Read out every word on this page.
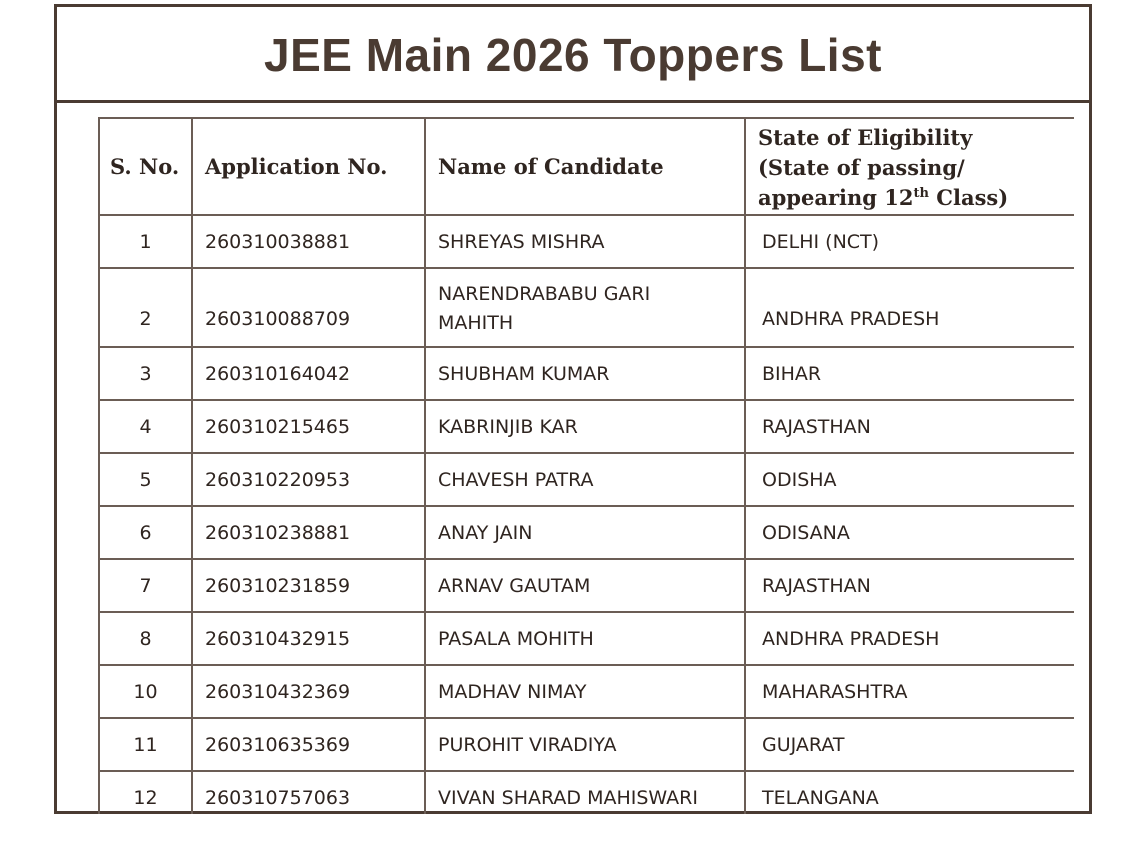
JEE Main 2026 Toppers List
S. No.	Application No.	Name of Candidate	State of Eligibility
(State of passing/
appearing 12th Class)

1	260310038881	SHREYAS MISHRA	DELHI (NCT)
2	260310088709	NARENDRABABU GARI
MAHITH	ANDHRA PRADESH
3	260310164042	SHUBHAM KUMAR	BIHAR
4	260310215465	KABRINJIB KAR	RAJASTHAN
5	260310220953	CHAVESH PATRA	ODISHA
6	260310238881	ANAY JAIN	ODISANA
7	260310231859	ARNAV GAUTAM	RAJASTHAN
8	260310432915	PASALA MOHITH	ANDHRA PRADESH
10	260310432369	MADHAV NIMAY	MAHARASHTRA
11	260310635369	PUROHIT VIRADIYA	GUJARAT
12	260310757063	VIVAN SHARAD MAHISWARI	TELANGANA
